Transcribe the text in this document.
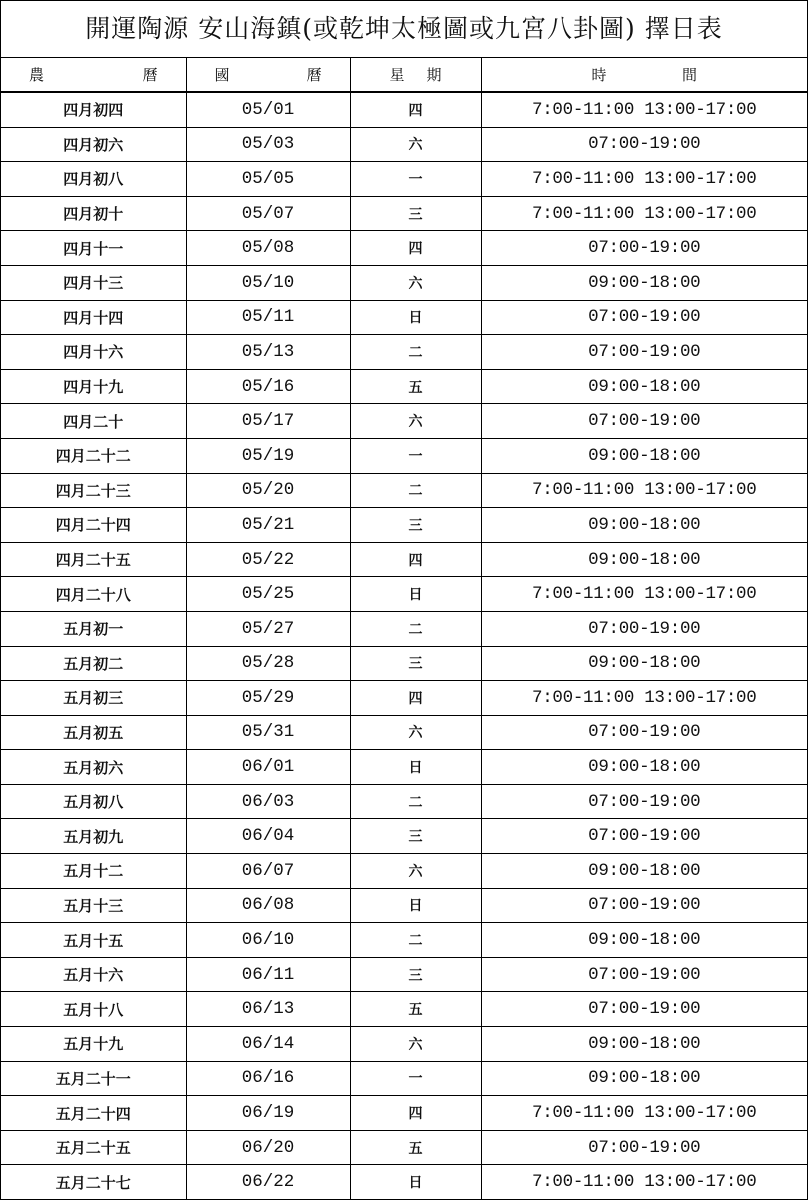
開運陶源 安山海鎮(或乾坤太極圖或九宮八卦圖) 擇日表
農 曆	國 曆	星 期	時 間

四月初四	05/01	四	7:00-11:00 13:00-17:00
四月初六	05/03	六	07:00-19:00
四月初八	05/05	一	7:00-11:00 13:00-17:00
四月初十	05/07	三	7:00-11:00 13:00-17:00
四月十一	05/08	四	07:00-19:00
四月十三	05/10	六	09:00-18:00
四月十四	05/11	日	07:00-19:00
四月十六	05/13	二	07:00-19:00
四月十九	05/16	五	09:00-18:00
四月二十	05/17	六	07:00-19:00
四月二十二	05/19	一	09:00-18:00
四月二十三	05/20	二	7:00-11:00 13:00-17:00
四月二十四	05/21	三	09:00-18:00
四月二十五	05/22	四	09:00-18:00
四月二十八	05/25	日	7:00-11:00 13:00-17:00
五月初一	05/27	二	07:00-19:00
五月初二	05/28	三	09:00-18:00
五月初三	05/29	四	7:00-11:00 13:00-17:00
五月初五	05/31	六	07:00-19:00
五月初六	06/01	日	09:00-18:00
五月初八	06/03	二	07:00-19:00
五月初九	06/04	三	07:00-19:00
五月十二	06/07	六	09:00-18:00
五月十三	06/08	日	07:00-19:00
五月十五	06/10	二	09:00-18:00
五月十六	06/11	三	07:00-19:00
五月十八	06/13	五	07:00-19:00
五月十九	06/14	六	09:00-18:00
五月二十一	06/16	一	09:00-18:00
五月二十四	06/19	四	7:00-11:00 13:00-17:00
五月二十五	06/20	五	07:00-19:00
五月二十七	06/22	日	7:00-11:00 13:00-17:00
